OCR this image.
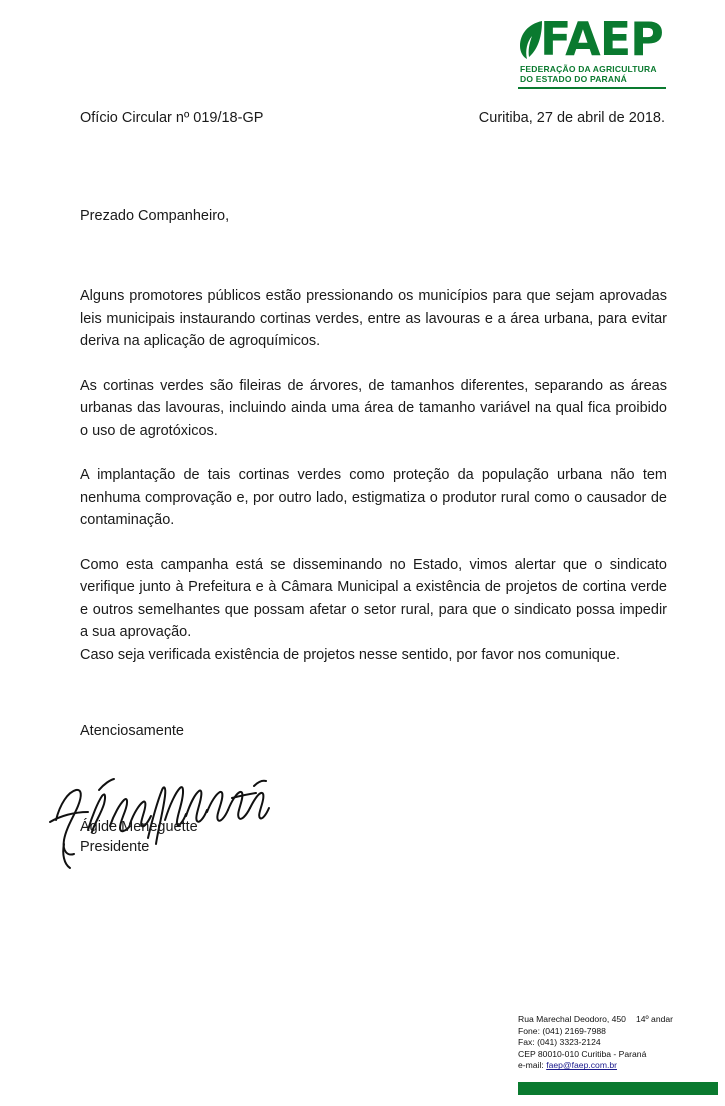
FAEP
FEDERAÇÃO DA AGRICULTURA
DO ESTADO DO PARANÁ
Ofício Circular nº 019/18-GP	Curitiba, 27 de abril de 2018.

Prezado Companheiro,

Alguns promotores públicos estão pressionando os municípios para que sejam aprovadas leis municipais instaurando cortinas verdes, entre as lavouras e a área urbana, para evitar deriva na aplicação de agroquímicos.

As cortinas verdes são fileiras de árvores, de tamanhos diferentes, separando as áreas urbanas das lavouras, incluindo ainda uma área de tamanho variável na qual fica proibido o uso de agrotóxicos.

A implantação de tais cortinas verdes como proteção da população urbana não tem nenhuma comprovação e, por outro lado, estigmatiza o produtor rural como o causador de contaminação.

Como esta campanha está se disseminando no Estado, vimos alertar que o sindicato verifique junto à Prefeitura e à Câmara Municipal a existência de projetos de cortina verde e outros semelhantes que possam afetar o setor rural, para que o sindicato possa impedir a sua aprovação.

Caso seja verificada existência de projetos nesse sentido, por favor nos comunique.

Atenciosamente

Ágide Meneguette
Presidente
Rua Marechal Deodoro, 450 14º andar
Fone: (041) 2169-7988
Fax: (041) 3323-2124
CEP 80010-010 Curitiba - Paraná
e-mail: faep@faep.com.br
